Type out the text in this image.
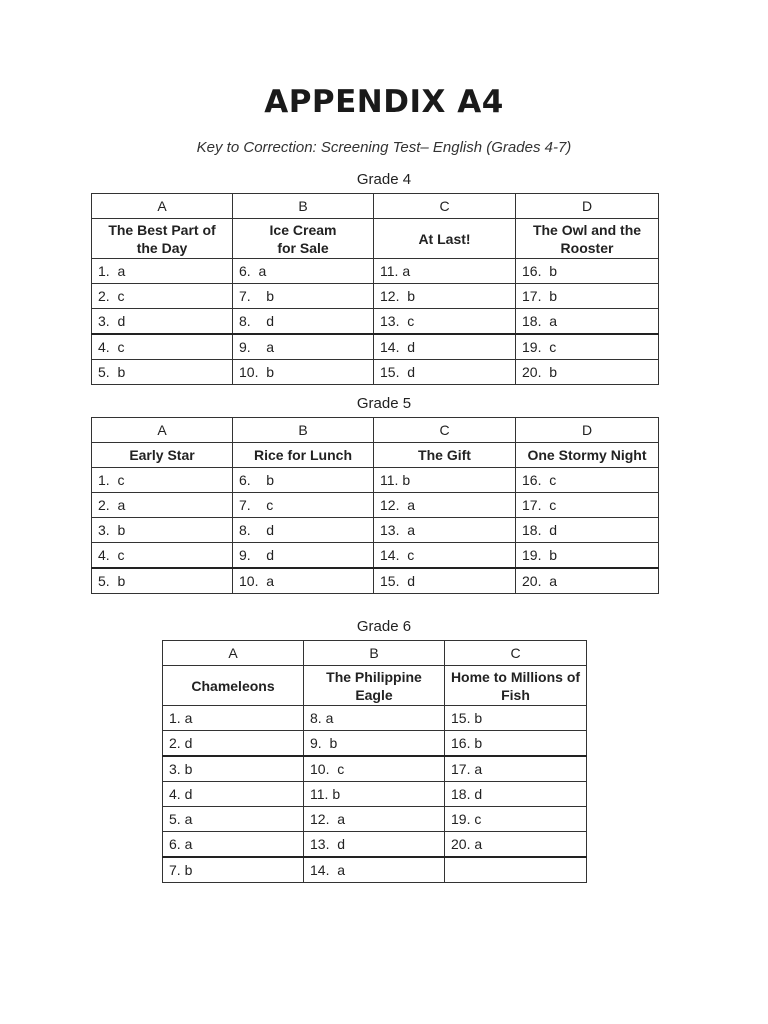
APPENDIX A4

Key to Correction: Screening Test– English (Grades 4-7)

Grade 4

A	B	C	D
The Best Part of the Day	Ice Cream for Sale	At Last!	The Owl and the Rooster
1.  a	6.  a	11. a	16.  b
2.  c	7.    b	12.  b	17.  b
3.  d	8.    d	13.  c	18.  a
4.  c	9.    a	14.  d	19.  c
5.  b	10.  b	15.  d	20.  b

Grade 5

A	B	C	D
Early Star	Rice for Lunch	The Gift	One Stormy Night
1.  c	6.    b	11. b	16.  c
2.  a	7.    c	12.  a	17.  c
3.  b	8.    d	13.  a	18.  d
4.  c	9.    d	14.  c	19.  b
5.  b	10.  a	15.  d	20.  a

Grade 6

A	B	C
Chameleons	The Philippine Eagle	Home to Millions of Fish
1. a	8. a	15. b
2. d	9.  b	16. b
3. b	10.  c	17. a
4. d	11. b	18. d
5. a	12.  a	19. c
6. a	13.  d	20. a
7. b	14.  a	
